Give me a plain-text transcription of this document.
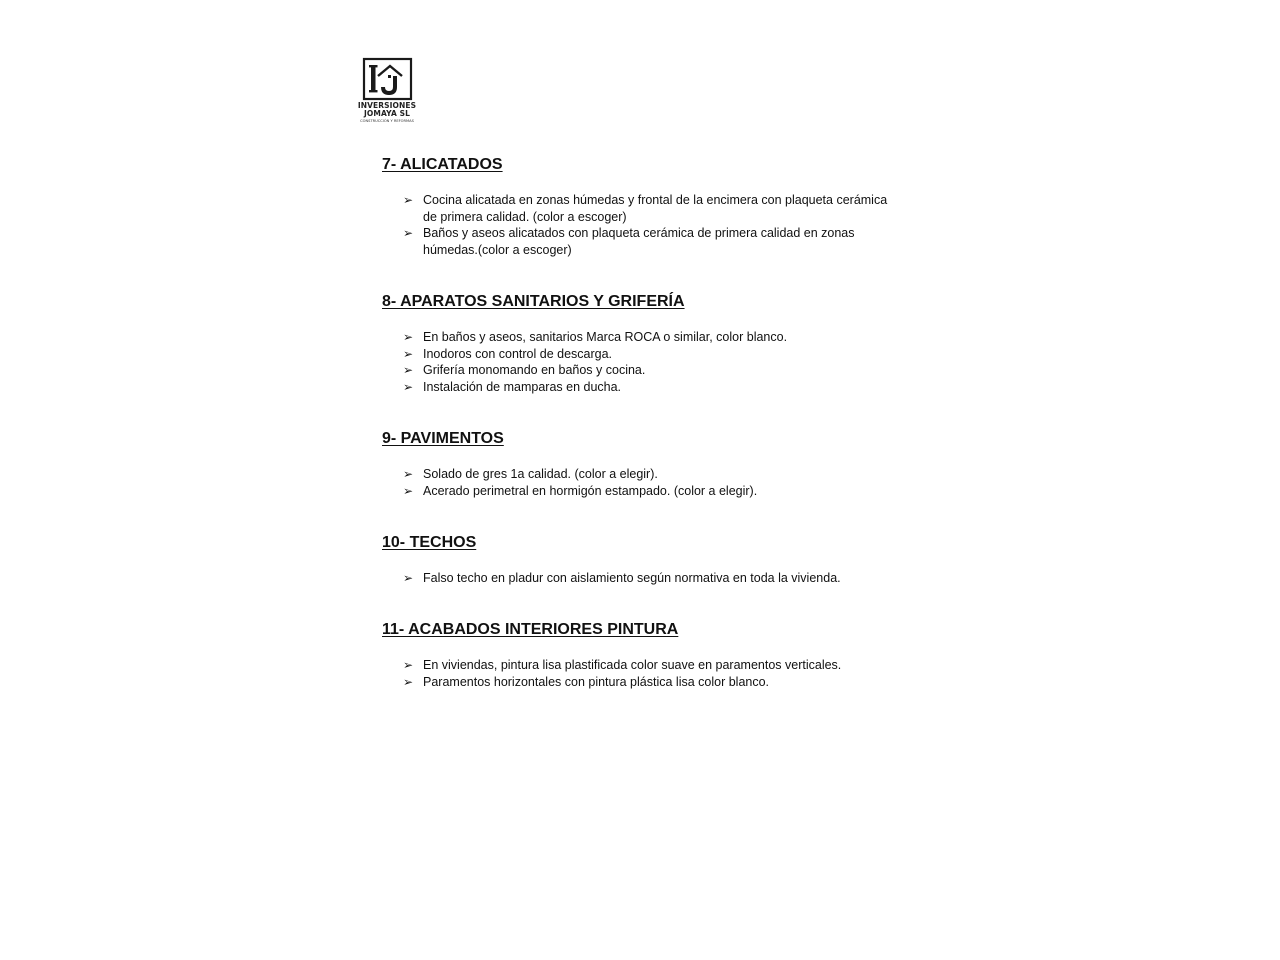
INVERSIONES
JOMAYA SL
CONSTRUCCIÓN Y REFORMAS
7- ALICATADOS
➢ Cocina alicatada en zonas húmedas y frontal de la encimera con plaqueta cerámica de primera calidad. (color a escoger)
➢ Baños y aseos alicatados con plaqueta cerámica de primera calidad en zonas húmedas.(color a escoger)
8- APARATOS SANITARIOS Y GRIFERÍA
➢ En baños y aseos, sanitarios Marca ROCA o similar, color blanco.
➢ Inodoros con control de descarga.
➢ Grifería monomando en baños y cocina.
➢ Instalación de mamparas en ducha.
9- PAVIMENTOS
➢ Solado de gres 1a calidad. (color a elegir).
➢ Acerado perimetral en hormigón estampado. (color a elegir).
10- TECHOS
➢ Falso techo en pladur con aislamiento según normativa en toda la vivienda.
11- ACABADOS INTERIORES PINTURA
➢ En viviendas, pintura lisa plastificada color suave en paramentos verticales.
➢ Paramentos horizontales con pintura plástica lisa color blanco.
